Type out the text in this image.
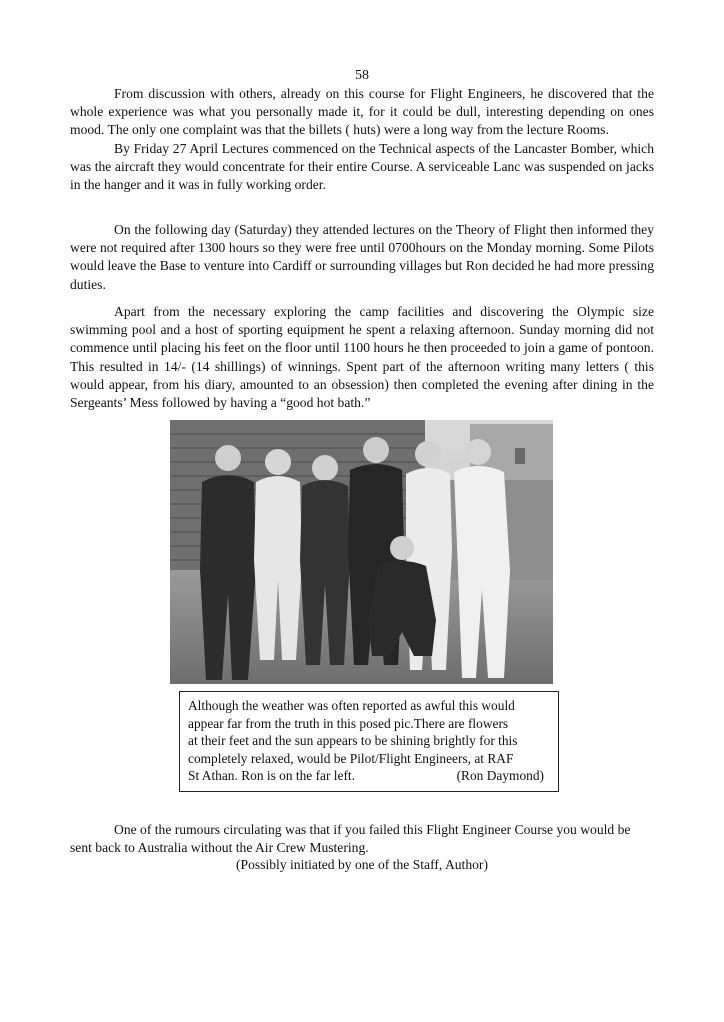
58

From discussion with others, already on this course for Flight Engineers, he discovered that the whole experience was what you personally made it, for it could be dull, interesting depending on ones mood. The only one complaint was that the billets ( huts) were a long way from the lecture Rooms.

By Friday 27 April Lectures commenced on the Technical aspects of the Lancaster Bomber, which was the aircraft they would concentrate for their entire Course. A serviceable Lanc was suspended on jacks in the hanger and it was in fully working order.

On the following day (Saturday) they attended lectures on the Theory of Flight then informed they were not required after 1300 hours so they were free until 0700hours on the Monday morning. Some Pilots would leave the Base to venture into Cardiff or surrounding villages but Ron decided he had more pressing duties.

Apart from the necessary exploring the camp facilities and discovering the Olympic size swimming pool and a host of sporting equipment he spent a relaxing afternoon. Sunday morning did not commence until placing his feet on the floor until 1100 hours he then proceeded to join a game of pontoon. This resulted in 14/- (14 shillings) of winnings. Spent part of the afternoon writing many letters ( this would appear, from his diary, amounted to an obsession) then completed the evening after dining in the Sergeants’ Mess followed by having a “good hot bath.”

Although the weather was often reported as awful this would
appear far from the truth in this posed pic.There are flowers
at their feet and the sun appears to be shining brightly for this
completely relaxed, would be Pilot/Flight Engineers, at RAF
St Athan. Ron is on the far left.	(Ron Daymond)

One of the rumours circulating was that if you failed this Flight Engineer Course you would be sent back to Australia without the Air Crew Mustering.

(Possibly initiated by one of the Staff, Author)
